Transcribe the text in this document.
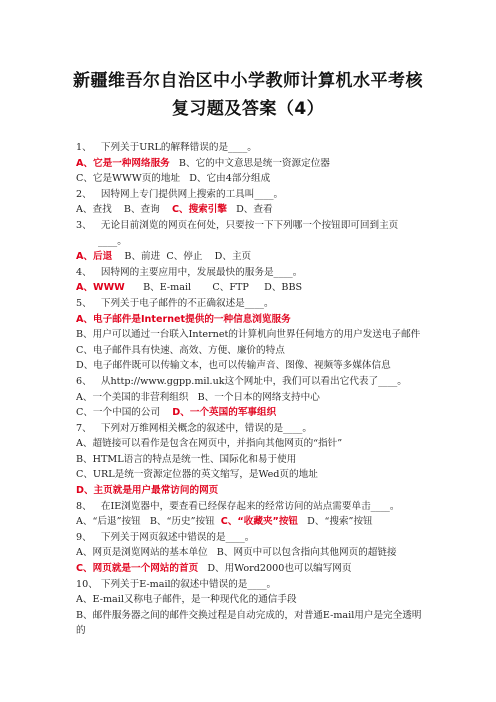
新疆维吾尔自治区中小学教师计算机水平考核
复习题及答案（4）
1、   下列关于URL的解释错误的是____。
A、它是一种网络服务   B、它的中文意思是统一资源定位器
C、它是WWW页的地址   D、它由4部分组成
2、   因特网上专门提供网上搜索的工具叫____。
A、查找    B、查询 C、搜索引擎   D、查看
3、   无论目前浏览的网页在何处，只要按一下下列哪一个按钮即可回到主页
____。
A、后退    B、前进  C、停止    D、主页
4、   因特网的主要应用中，发展最快的服务是____。
A、WWW      B、E-mail       C、FTP     D、BBS
5、   下列关于电子邮件的不正确叙述是____。
A、电子邮件是Internet提供的一种信息浏览服务
B、用户可以通过一台联入Internet的计算机向世界任何地方的用户发送电子邮件
C、电子邮件具有快速、高效、方便、廉价的特点
D、电子邮件既可以传输文本，也可以传输声音、图像、视频等多媒体信息
6、   从http://www.ggpp.mil.uk这个网址中，我们可以看出它代表了____。
A、一个美国的非营利组织   B、一个日本的网络支持中心
C、一个中国的公司    D、一个英国的军事组织
7、   下列对万维网相关概念的叙述中，错误的是____。
A、超链接可以看作是包含在网页中，并指向其他网页的“指针”
B、HTML语言的特点是统一性、国际化和易于使用
C、URL是统一资源定位器的英文缩写，是Wed页的地址
D、主页就是用户最常访问的网页
8、   在IE浏览器中，要查看已经保存起来的经常访问的站点需要单击____。
A、“后退”按钮   B、“历史”按钮  C、“收藏夹”按钮   D、“搜索”按钮
9、   下列关于网页叙述中错误的是____。
A、网页是浏览网站的基本单位   B、网页中可以包含指向其他网页的超链接
C、网页就是一个网站的首页   D、用Word2000也可以编写网页
10、 下列关于E-mail的叙述中错误的是____。
A、E-mail又称电子邮件，是一种现代化的通信手段
B、邮件服务器之间的邮件交换过程是自动完成的，对普通E-mail用户是完全透明的
